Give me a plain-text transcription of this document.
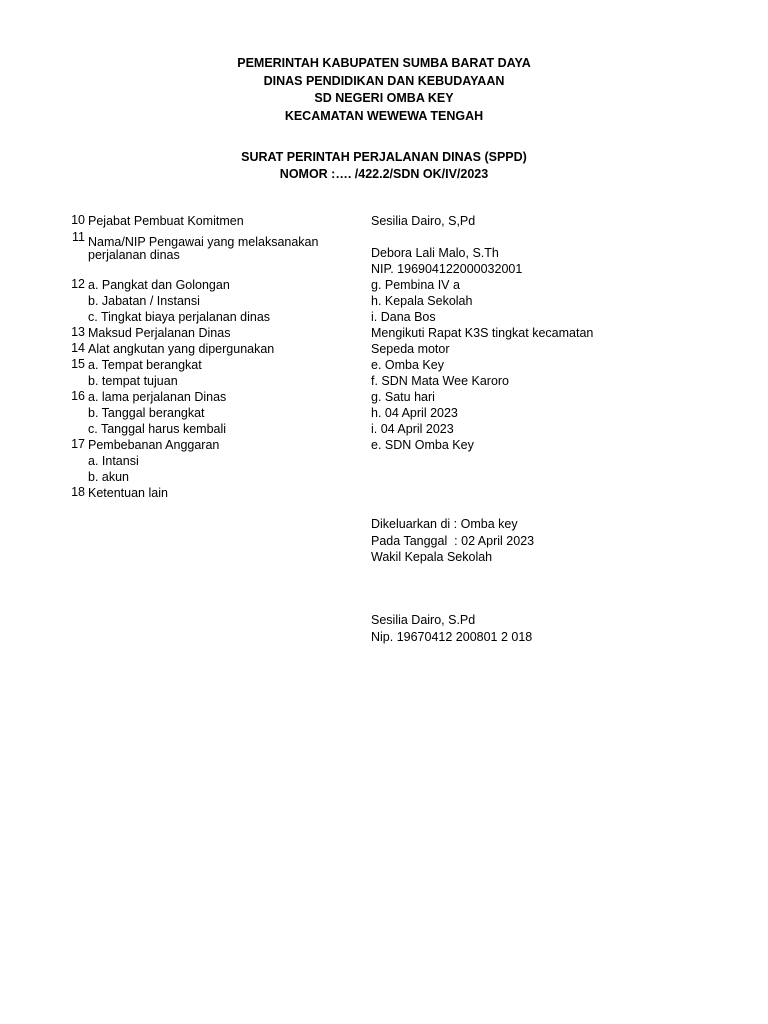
PEMERINTAH KABUPATEN SUMBA BARAT DAYA
DINAS PENDIDIKAN DAN KEBUDAYAAN
SD NEGERI OMBA KEY
KECAMATAN WEWEWA TENGAH
SURAT PERINTAH PERJALANAN DINAS (SPPD)
NOMOR :…. /422.2/SDN OK/IV/2023
10 Pejabat Pembuat Komitmen	Sesilia Dairo, S,Pd
11 Nama/NIP Pengawai yang melaksanakan
perjalanan dinas	Debora Lali Malo, S.Th
NIP. 196904122000032001
12 a. Pangkat dan Golongan	g. Pembina IV a
b. Jabatan / Instansi	h. Kepala Sekolah
c. Tingkat biaya perjalanan dinas	i. Dana Bos
13 Maksud Perjalanan Dinas	Mengikuti Rapat K3S tingkat kecamatan
14 Alat angkutan yang dipergunakan	Sepeda motor
15 a. Tempat berangkat	e. Omba Key
b. tempat tujuan	f. SDN Mata Wee Karoro
16 a. lama perjalanan Dinas	g. Satu hari
b. Tanggal berangkat	h. 04 April 2023
c. Tanggal harus kembali	i. 04 April 2023
17 Pembebanan Anggaran	e. SDN Omba Key
a. Intansi
b. akun
18 Ketentuan lain
Dikeluarkan di : Omba key
Pada Tanggal  : 02 April 2023
Wakil Kepala Sekolah
Sesilia Dairo, S.Pd
Nip. 19670412 200801 2 018
